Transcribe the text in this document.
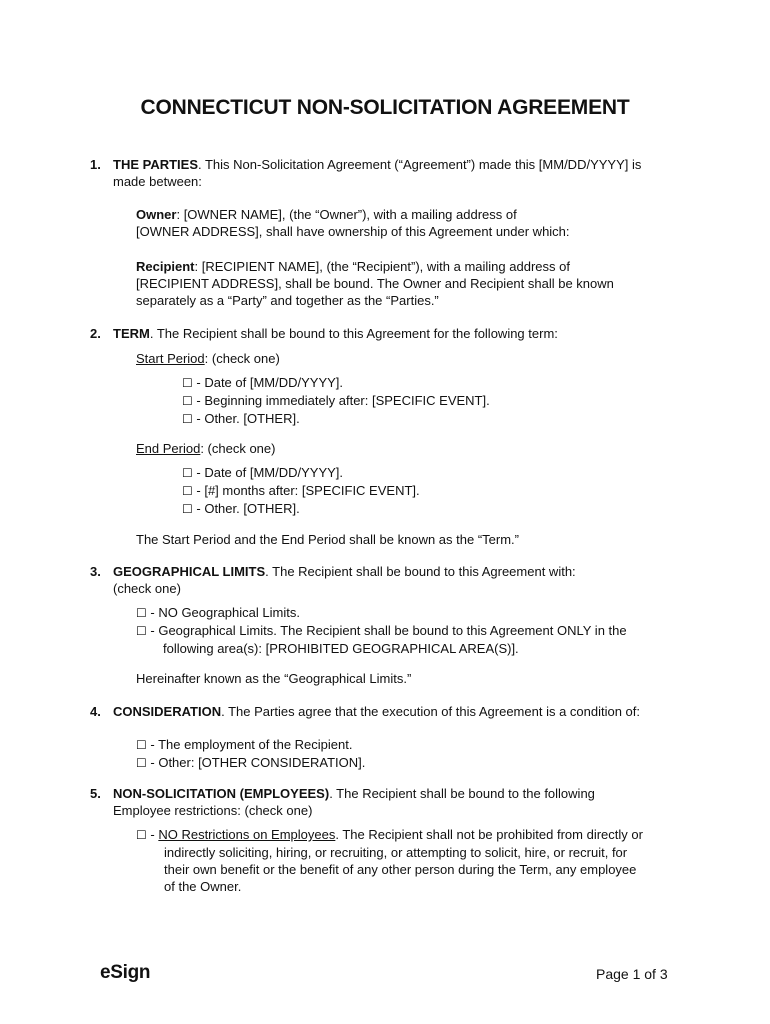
CONNECTICUT NON-SOLICITATION AGREEMENT
1. THE PARTIES. This Non-Solicitation Agreement (“Agreement”) made this [MM/DD/YYYY] is
made between:
Owner: [OWNER NAME], (the “Owner”), with a mailing address of
[OWNER ADDRESS], shall have ownership of this Agreement under which:
Recipient: [RECIPIENT NAME], (the “Recipient”), with a mailing address of
[RECIPIENT ADDRESS], shall be bound. The Owner and Recipient shall be known
separately as a “Party” and together as the “Parties.”
2. TERM. The Recipient shall be bound to this Agreement for the following term:
Start Period: (check one)
☐ - Date of [MM/DD/YYYY].
☐ - Beginning immediately after: [SPECIFIC EVENT].
☐ - Other. [OTHER].
End Period: (check one)
☐ - Date of [MM/DD/YYYY].
☐ - [#] months after: [SPECIFIC EVENT].
☐ - Other. [OTHER].
The Start Period and the End Period shall be known as the “Term.”
3. GEOGRAPHICAL LIMITS. The Recipient shall be bound to this Agreement with:
(check one)
☐ - NO Geographical Limits.
☐ - Geographical Limits. The Recipient shall be bound to this Agreement ONLY in the
following area(s): [PROHIBITED GEOGRAPHICAL AREA(S)].
Hereinafter known as the “Geographical Limits.”
4. CONSIDERATION. The Parties agree that the execution of this Agreement is a condition of:
☐ - The employment of the Recipient.
☐ - Other: [OTHER CONSIDERATION].
5. NON-SOLICITATION (EMPLOYEES). The Recipient shall be bound to the following
Employee restrictions: (check one)
☐ - NO Restrictions on Employees. The Recipient shall not be prohibited from directly or
indirectly soliciting, hiring, or recruiting, or attempting to solicit, hire, or recruit, for
their own benefit or the benefit of any other person during the Term, any employee
of the Owner.
eSign	Page 1 of 3
